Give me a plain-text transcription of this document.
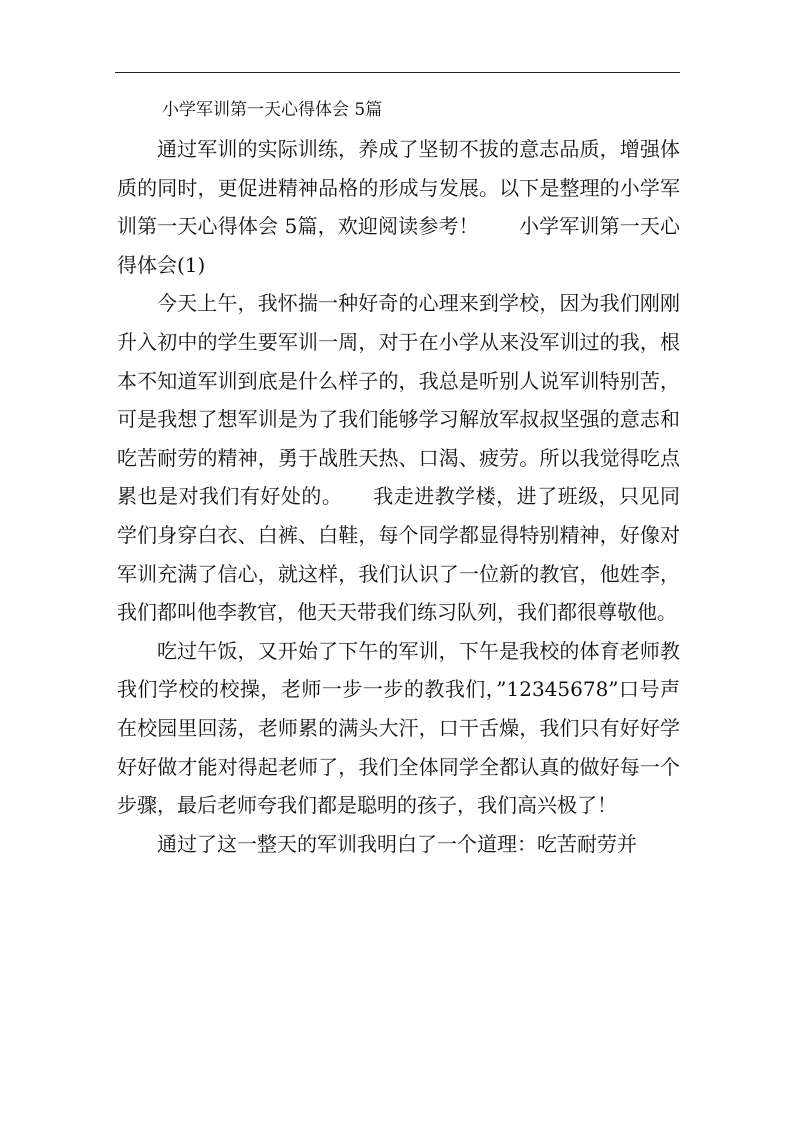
小学军训第一天心得体会 5篇

通过军训的实际训练，养成了坚韧不拔的意志品质，增强体质的同时，更促进精神品格的形成与发展。以下是整理的小学军训第一天心得体会 5篇，欢迎阅读参考！　　小学军训第一天心得体会(1)

今天上午，我怀揣一种好奇的心理来到学校，因为我们刚刚升入初中的学生要军训一周，对于在小学从来没军训过的我，根本不知道军训到底是什么样子的，我总是听别人说军训特别苦，可是我想了想军训是为了我们能够学习解放军叔叔坚强的意志和吃苦耐劳的精神，勇于战胜天热、口渴、疲劳。所以我觉得吃点累也是对我们有好处的。　　我走进教学楼，进了班级，只见同学们身穿白衣、白裤、白鞋，每个同学都显得特别精神，好像对军训充满了信心，就这样，我们认识了一位新的教官，他姓李，我们都叫他李教官，他天天带我们练习队列，我们都很尊敬他。

吃过午饭，又开始了下午的军训，下午是我校的体育老师教我们学校的校操，老师一步一步的教我们，”12345678”口号声在校园里回荡，老师累的满头大汗，口干舌燥，我们只有好好学好好做才能对得起老师了，我们全体同学全都认真的做好每一个步骤，最后老师夸我们都是聪明的孩子，我们高兴极了！

通过了这一整天的军训我明白了一个道理：吃苦耐劳并
